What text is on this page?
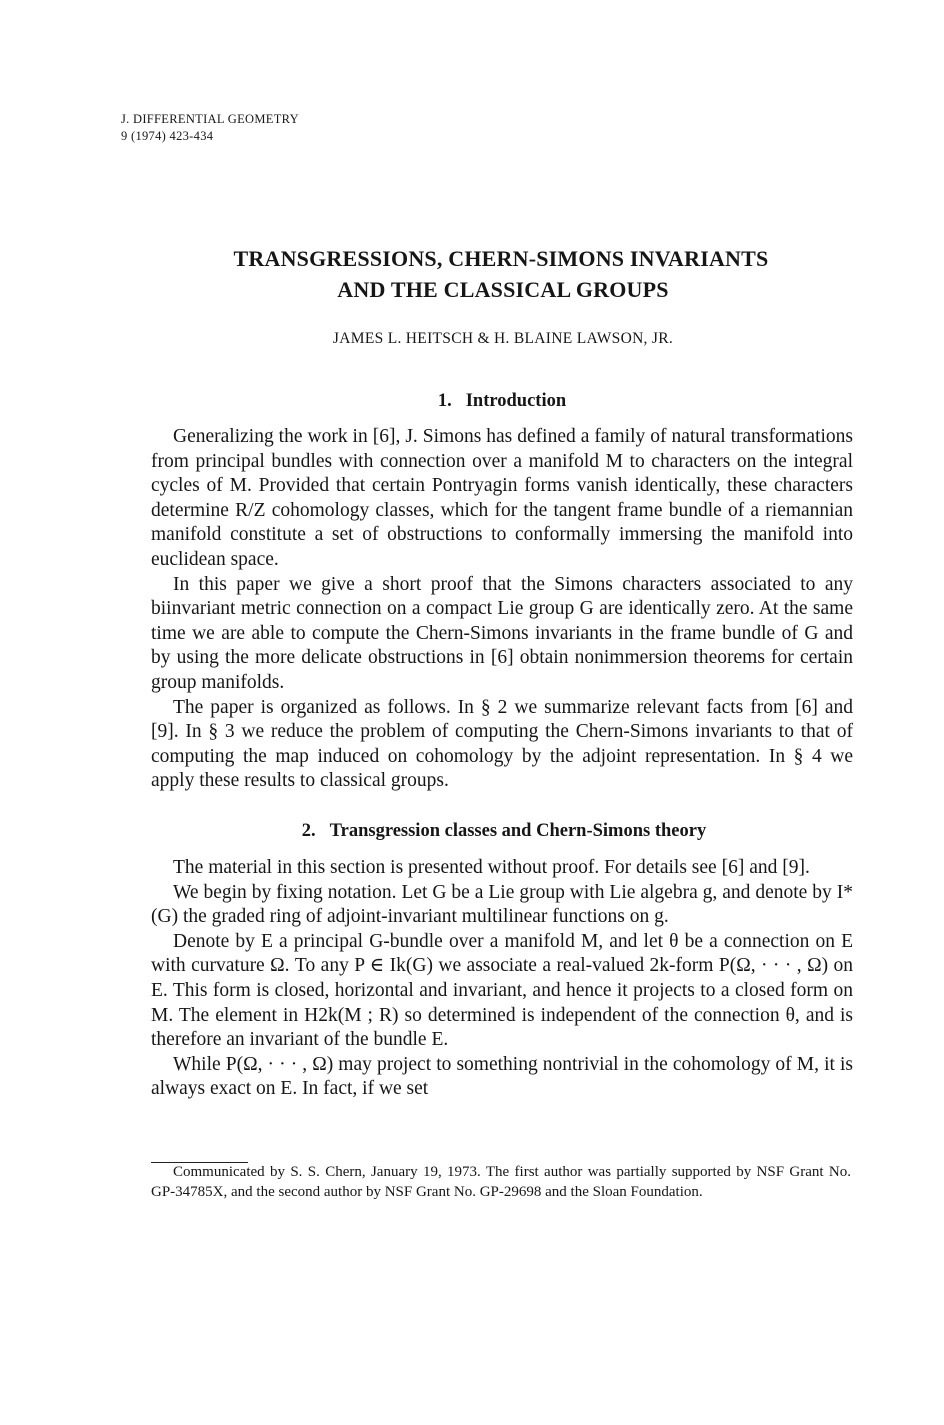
J. DIFFERENTIAL GEOMETRY
9 (1974) 423-434
TRANSGRESSIONS, CHERN-SIMONS INVARIANTS
AND THE CLASSICAL GROUPS
JAMES L. HEITSCH & H. BLAINE LAWSON, JR.
1. Introduction

Generalizing the work in [6], J. Simons has defined a family of natural transformations from principal bundles with connection over a manifold M to characters on the integral cycles of M. Provided that certain Pontryagin forms vanish identically, these characters determine R/Z cohomology classes, which for the tangent frame bundle of a riemannian manifold constitute a set of obstructions to conformally immersing the manifold into euclidean space.

In this paper we give a short proof that the Simons characters associated to any biinvariant metric connection on a compact Lie group G are identically zero. At the same time we are able to compute the Chern-Simons invariants in the frame bundle of G and by using the more delicate obstructions in [6] obtain nonimmersion theorems for certain group manifolds.

The paper is organized as follows. In § 2 we summarize relevant facts from [6] and [9]. In § 3 we reduce the problem of computing the Chern-Simons invariants to that of computing the map induced on cohomology by the adjoint representation. In § 4 we apply these results to classical groups.

2. Transgression classes and Chern-Simons theory

The material in this section is presented without proof. For details see [6] and [9].

We begin by fixing notation. Let G be a Lie group with Lie algebra g, and denote by I*(G) the graded ring of adjoint-invariant multilinear functions on g.

Denote by E a principal G-bundle over a manifold M, and let θ be a connection on E with curvature Ω. To any P ∈ Ik(G) we associate a real-valued 2k-form P(Ω, · · · , Ω) on E. This form is closed, horizontal and invariant, and hence it projects to a closed form on M. The element in H2k(M ; R) so determined is independent of the connection θ, and is therefore an invariant of the bundle E.

While P(Ω, · · · , Ω) may project to something nontrivial in the cohomology of M, it is always exact on E. In fact, if we set

Communicated by S. S. Chern, January 19, 1973. The first author was partially supported by NSF Grant No. GP-34785X, and the second author by NSF Grant No. GP-29698 and the Sloan Foundation.
